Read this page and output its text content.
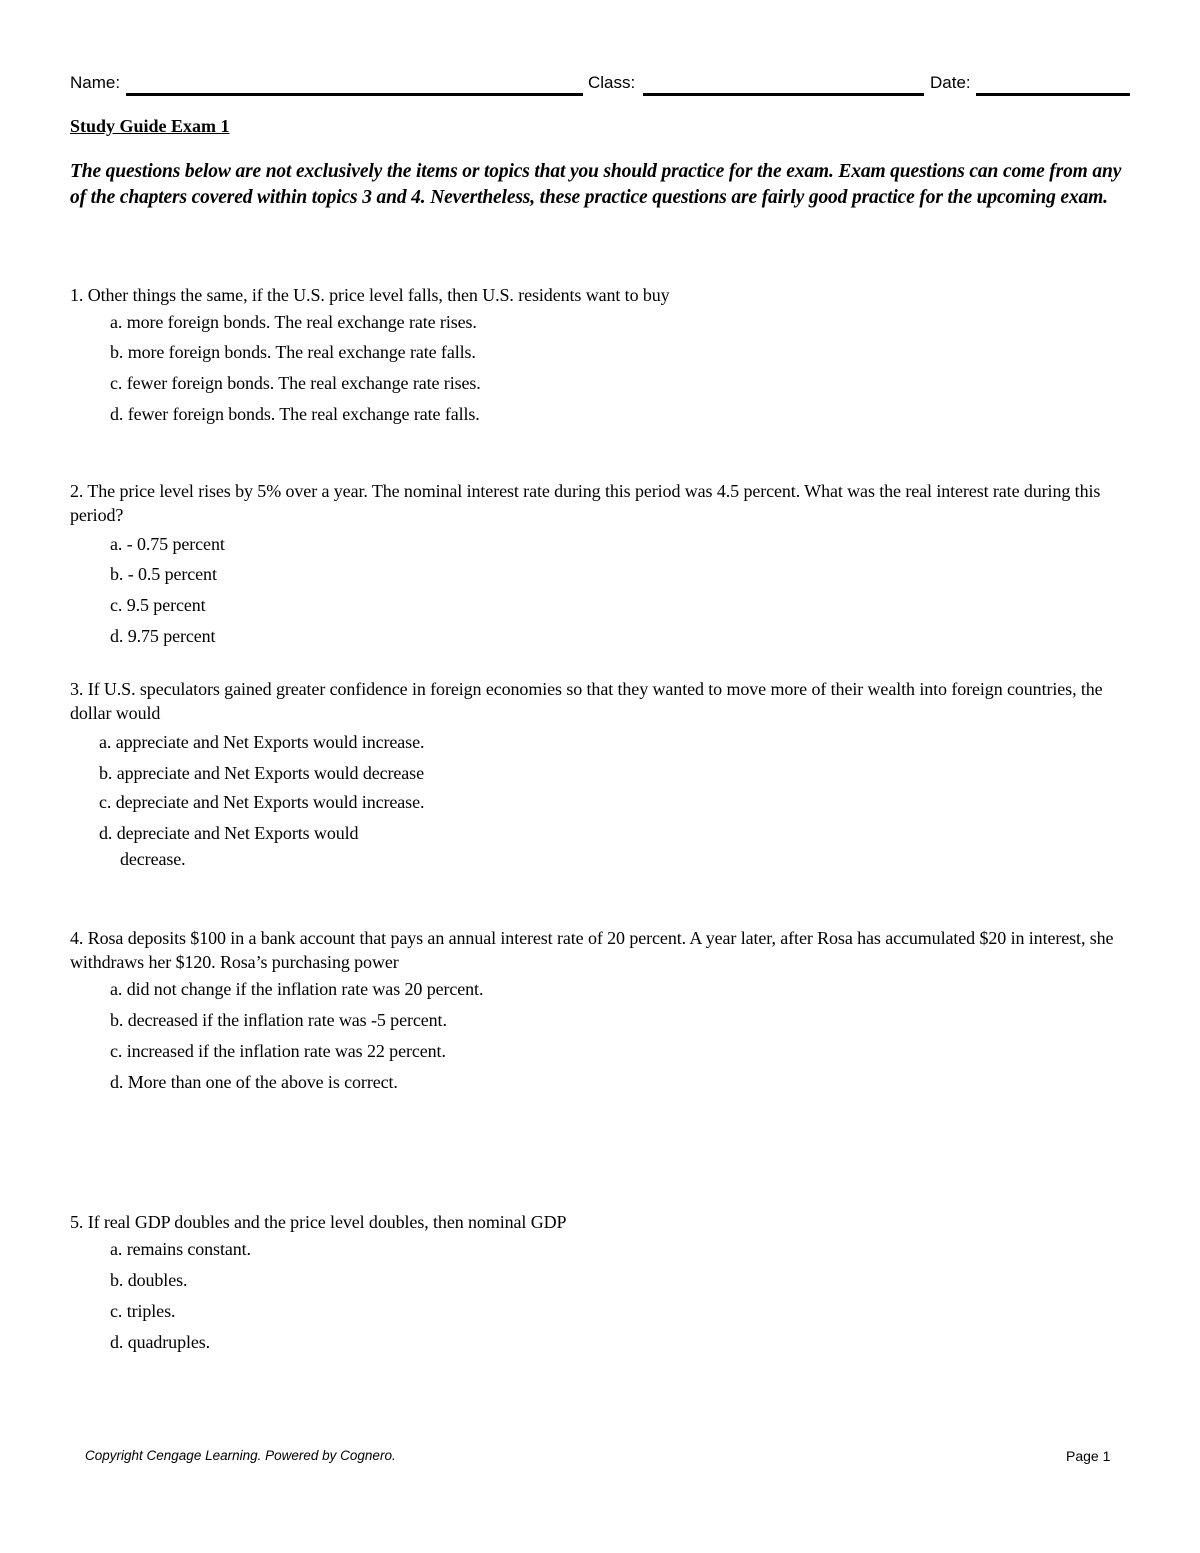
Name:	Class:	Date:
Study Guide Exam 1
The questions below are not exclusively the items or topics that you should practice for the exam. Exam questions can come from any of the chapters covered within topics 3 and 4. Nevertheless, these practice questions are fairly good practice for the upcoming exam.
1. Other things the same, if the U.S. price level falls, then U.S. residents want to buy
a. more foreign bonds. The real exchange rate rises.
b. more foreign bonds. The real exchange rate falls.
c. fewer foreign bonds. The real exchange rate rises.
d. fewer foreign bonds. The real exchange rate falls.
2. The price level rises by 5% over a year. The nominal interest rate during this period was 4.5 percent. What was the real interest rate during this period?
a. - 0.75 percent
b. - 0.5 percent
c. 9.5 percent
d. 9.75 percent
3. If U.S. speculators gained greater confidence in foreign economies so that they wanted to move more of their wealth into foreign countries, the dollar would
a. appreciate and Net Exports would increase.
b. appreciate and Net Exports would decrease
c. depreciate and Net Exports would increase.
d. depreciate and Net Exports would
decrease.
4. Rosa deposits $100 in a bank account that pays an annual interest rate of 20 percent. A year later, after Rosa has accumulated $20 in interest, she withdraws her $120. Rosa’s purchasing power
a. did not change if the inflation rate was 20 percent.
b. decreased if the inflation rate was -5 percent.
c. increased if the inflation rate was 22 percent.
d. More than one of the above is correct.
5. If real GDP doubles and the price level doubles, then nominal GDP
a. remains constant.
b. doubles.
c. triples.
d. quadruples.
Copyright Cengage Learning. Powered by Cognero.	Page 1
